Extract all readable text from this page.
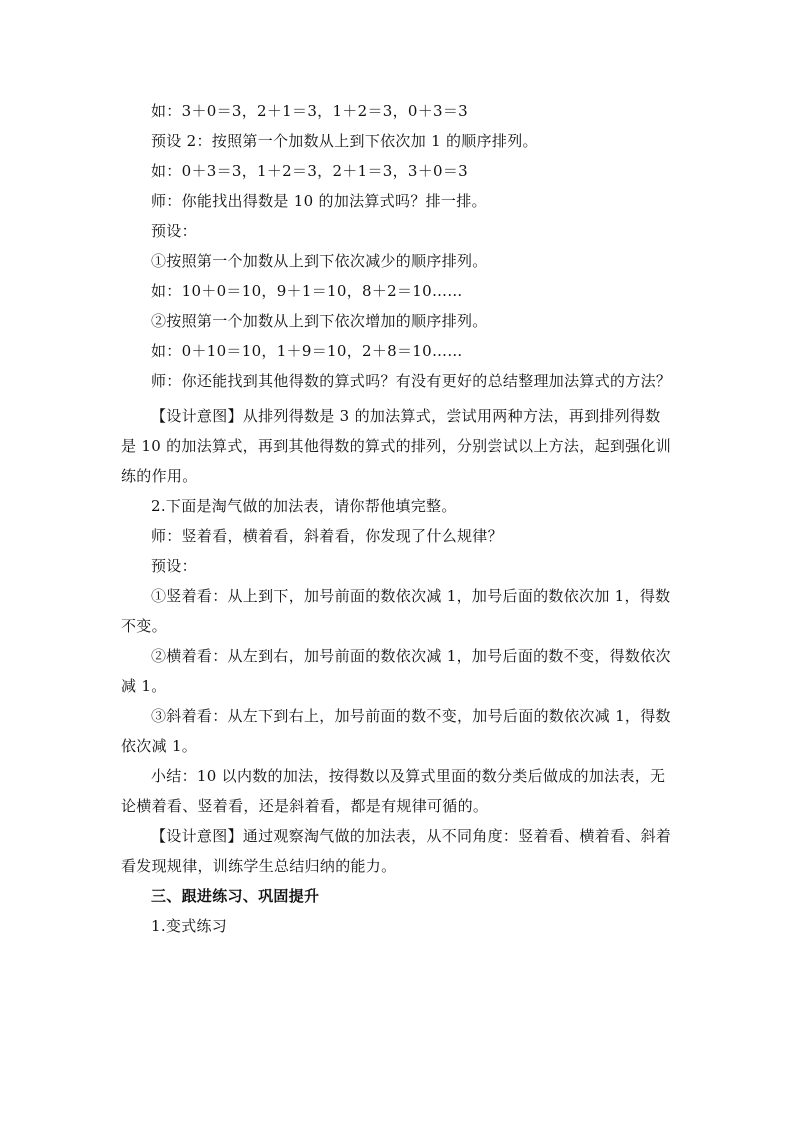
如：3＋0＝3，2＋1＝3，1＋2＝3，0＋3＝3

预设 2：按照第一个加数从上到下依次加 1 的顺序排列。

如：0＋3＝3，1＋2＝3，2＋1＝3，3＋0＝3

师：你能找出得数是 10 的加法算式吗？排一排。

预设：

①按照第一个加数从上到下依次减少的顺序排列。

如：10＋0＝10，9＋1＝10，8＋2＝10……

②按照第一个加数从上到下依次增加的顺序排列。

如：0＋10＝10，1＋9＝10，2＋8＝10……

师：你还能找到其他得数的算式吗？有没有更好的总结整理加法算式的方法？

【设计意图】从排列得数是 3 的加法算式，尝试用两种方法，再到排列得数是 10 的加法算式，再到其他得数的算式的排列，分别尝试以上方法，起到强化训练的作用。

2.下面是淘气做的加法表，请你帮他填完整。

师：竖着看，横着看，斜着看，你发现了什么规律？

预设：

①竖着看：从上到下，加号前面的数依次减 1，加号后面的数依次加 1，得数不变。

②横着看：从左到右，加号前面的数依次减 1，加号后面的数不变，得数依次减 1。

③斜着看：从左下到右上，加号前面的数不变，加号后面的数依次减 1，得数依次减 1。

小结：10 以内数的加法，按得数以及算式里面的数分类后做成的加法表，无论横着看、竖着看，还是斜着看，都是有规律可循的。

【设计意图】通过观察淘气做的加法表，从不同角度：竖着看、横着看、斜着看发现规律，训练学生总结归纳的能力。

三、跟进练习、巩固提升

1.变式练习
